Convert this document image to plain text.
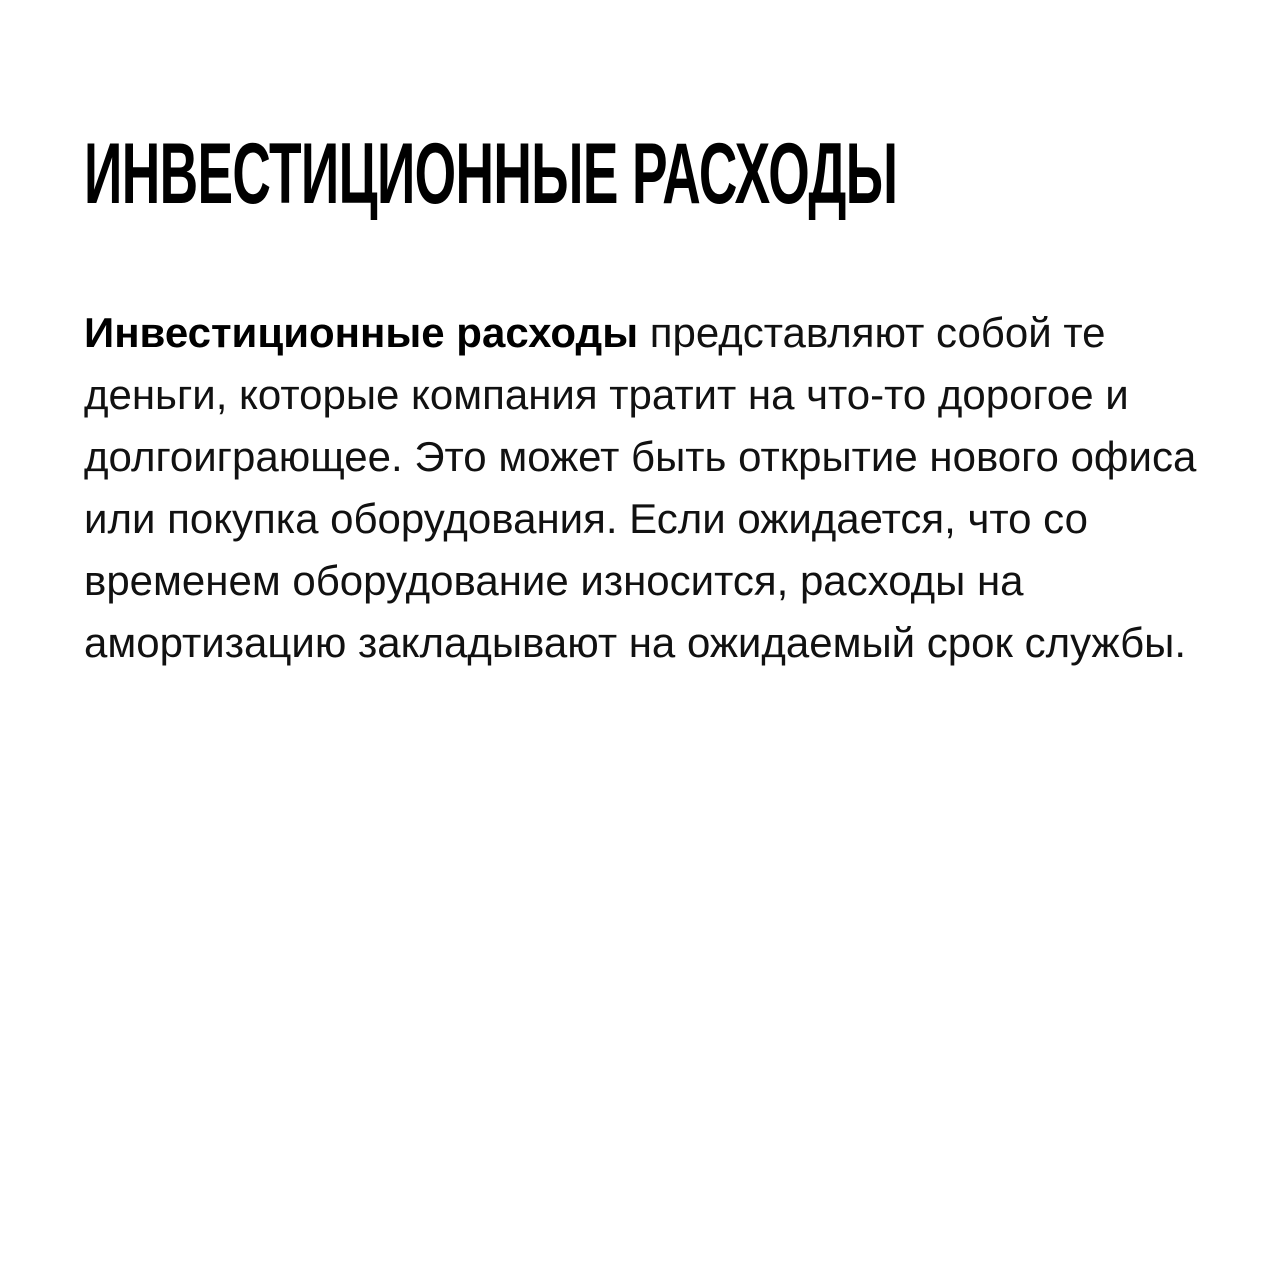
ИНВЕСТИЦИОННЫЕ РАСХОДЫ

Инвестиционные расходы представляют собой те деньги, которые компания тратит на что-то дорогое и долгоиграющее. Это может быть открытие нового офиса или покупка оборудования. Если ожидается, что со временем оборудование износится, расходы на амортизацию закладывают на ожидаемый срок службы.
